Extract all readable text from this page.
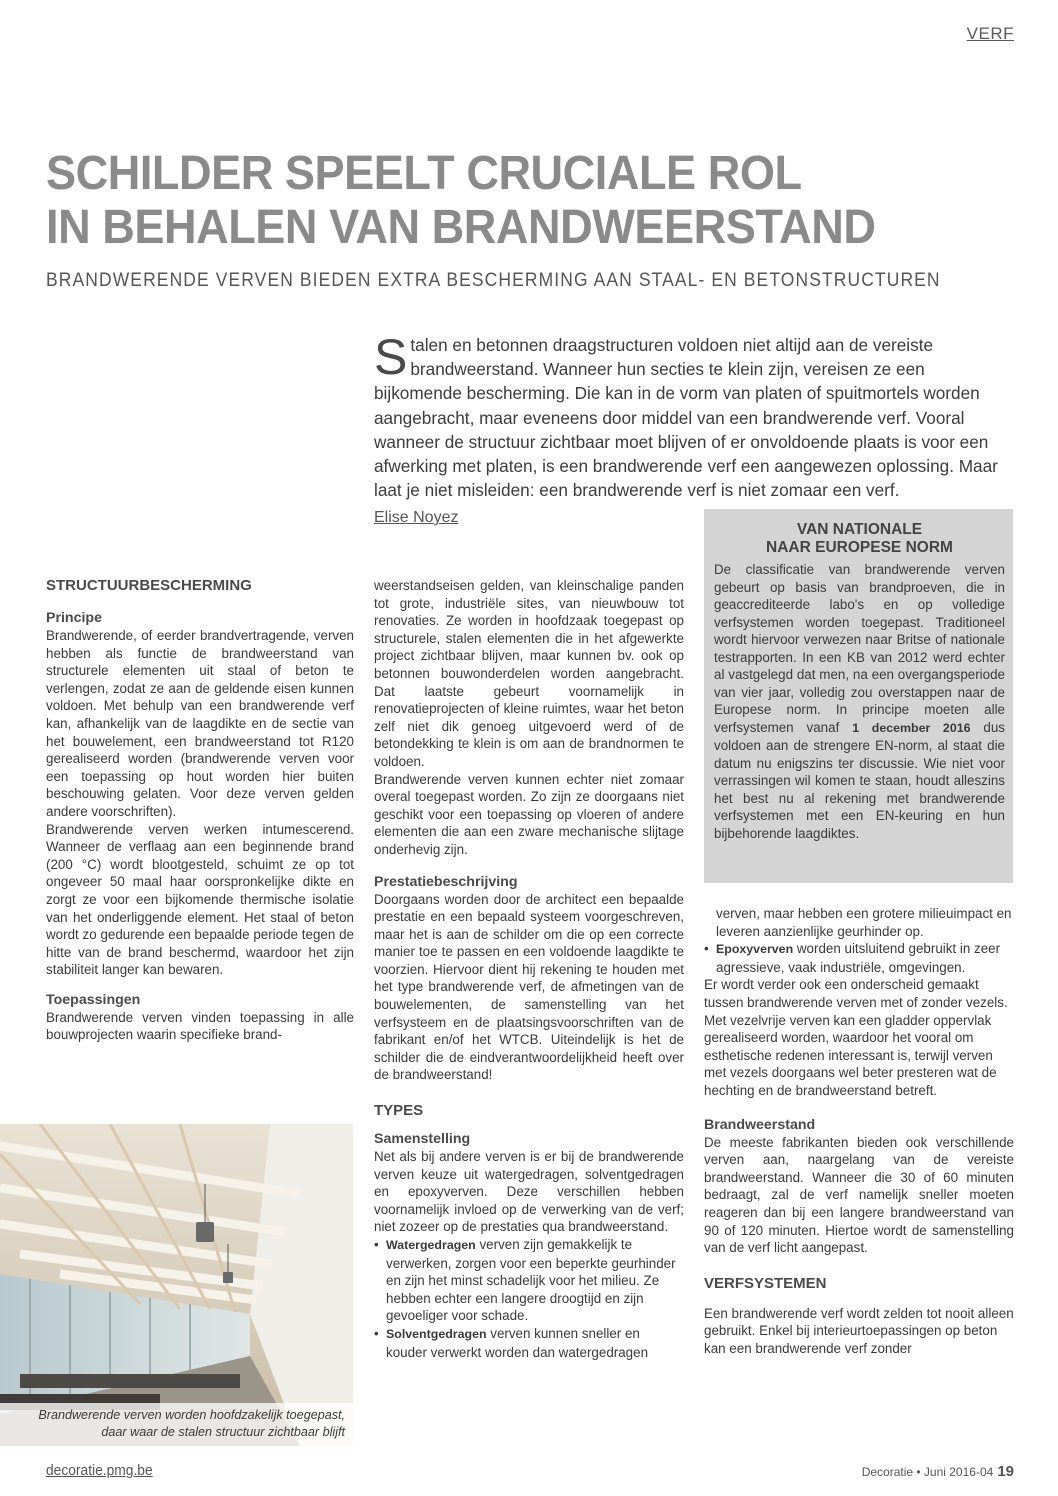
VERF
SCHILDER SPEELT CRUCIALE ROL
IN BEHALEN VAN BRANDWEERSTAND
BRANDWERENDE VERVEN BIEDEN EXTRA BESCHERMING AAN STAAL- EN BETONSTRUCTUREN
Stalen en betonnen draagstructuren voldoen niet altijd aan de vereiste brandweerstand. Wanneer hun secties te klein zijn, vereisen ze een bijkomende bescherming. Die kan in de vorm van platen of spuitmortels worden aangebracht, maar eveneens door middel van een brandwerende verf. Vooral wanneer de structuur zichtbaar moet blijven of er onvoldoende plaats is voor een afwerking met platen, is een brandwerende verf een aangewezen oplossing. Maar laat je niet misleiden: een brandwerende verf is niet zomaar een verf.
Elise Noyez
STRUCTUURBESCHERMING
Principe

Brandwerende, of eerder brandvertragende, verven hebben als functie de brandweerstand van structurele elementen uit staal of beton te verlengen, zodat ze aan de geldende eisen kunnen voldoen. Met behulp van een brandwerende verf kan, afhankelijk van de laagdikte en de sectie van het bouwelement, een brandweerstand tot R120 gerealiseerd worden (brandwerende verven voor een toepassing op hout worden hier buiten beschouwing gelaten. Voor deze verven gelden andere voorschriften).

Brandwerende verven werken intumescerend. Wanneer de verflaag aan een beginnende brand (200 °C) wordt blootgesteld, schuimt ze op tot ongeveer 50 maal haar oorspronkelijke dikte en zorgt ze voor een bijkomende thermische isolatie van het onderliggende element. Het staal of beton wordt zo gedurende een bepaalde periode tegen de hitte van de brand beschermd, waardoor het zijn stabiliteit langer kan bewaren.

Toepassingen

Brandwerende verven vinden toepassing in alle bouwprojecten waarin specifieke brand-

weerstandseisen gelden, van kleinschalige panden tot grote, industriële sites, van nieuwbouw tot renovaties. Ze worden in hoofdzaak toegepast op structurele, stalen elementen die in het afgewerkte project zichtbaar blijven, maar kunnen bv. ook op betonnen bouwonderdelen worden aangebracht. Dat laatste gebeurt voornamelijk in renovatieprojecten of kleine ruimtes, waar het beton zelf niet dik genoeg uitgevoerd werd of de betondekking te klein is om aan de brandnormen te voldoen.

Brandwerende verven kunnen echter niet zomaar overal toegepast worden. Zo zijn ze doorgaans niet geschikt voor een toepassing op vloeren of andere elementen die aan een zware mechanische slijtage onderhevig zijn.

Prestatiebeschrijving

Doorgaans worden door de architect een bepaalde prestatie en een bepaald systeem voorgeschreven, maar het is aan de schilder om die op een correcte manier toe te passen en een voldoende laagdikte te voorzien. Hiervoor dient hij rekening te houden met het type brandwerende verf, de afmetingen van de bouwelementen, de samenstelling van het verfsysteem en de plaatsingsvoorschriften van de fabrikant en/of het WTCB. Uiteindelijk is het de schilder die de eindverantwoordelijkheid heeft over de brandweerstand!

TYPES
Samenstelling

Net als bij andere verven is er bij de brandwerende verven keuze uit watergedragen, solventgedragen en epoxyverven. Deze verschillen hebben voornamelijk invloed op de verwerking van de verf; niet zozeer op de prestaties qua brandweerstand.

• Watergedragen verven zijn gemakkelijk te verwerken, zorgen voor een beperkte geurhinder en zijn het minst schadelijk voor het milieu. Ze hebben echter een langere droogtijd en zijn gevoeliger voor schade.
• Solventgedragen verven kunnen sneller en kouder verwerkt worden dan watergedragen
VAN NATIONALE
NAAR EUROPESE NORM

De classificatie van brandwerende verven gebeurt op basis van brandproeven, die in geaccrediteerde labo's en op volledige verfsystemen worden toegepast. Traditioneel wordt hiervoor verwezen naar Britse of nationale testrapporten. In een KB van 2012 werd echter al vastgelegd dat men, na een overgangsperiode van vier jaar, volledig zou overstappen naar de Europese norm. In principe moeten alle verfsystemen vanaf 1 december 2016 dus voldoen aan de strengere EN-norm, al staat die datum nu enigszins ter discussie. Wie niet voor verrassingen wil komen te staan, houdt alleszins het best nu al rekening met brandwerende verfsystemen met een EN-keuring en hun bijbehorende laagdiktes.

verven, maar hebben een grotere milieuimpact en leveren aanzienlijke geurhinder op.

• Epoxyverven worden uitsluitend gebruikt in zeer agressieve, vaak industriële, omgevingen.

Er wordt verder ook een onderscheid gemaakt tussen brandwerende verven met of zonder vezels. Met vezelvrije verven kan een gladder oppervlak gerealiseerd worden, waardoor het vooral om esthetische redenen interessant is, terwijl verven met vezels doorgaans wel beter presteren wat de hechting en de brandweerstand betreft.

Brandweerstand

De meeste fabrikanten bieden ook verschillende verven aan, naargelang van de vereiste brandweerstand. Wanneer die 30 of 60 minuten bedraagt, zal de verf namelijk sneller moeten reageren dan bij een langere brandweerstand van 90 of 120 minuten. Hiertoe wordt de samenstelling van de verf licht aangepast.

VERFSYSTEMEN

Een brandwerende verf wordt zelden tot nooit alleen gebruikt. Enkel bij interieurtoepassingen op beton kan een brandwerende verf zonder

Brandwerende verven worden hoofdzakelijk toegepast,
daar waar de stalen structuur zichtbaar blijft
decoratie.pmg.be	Decoratie • Juni 2016-04 19
